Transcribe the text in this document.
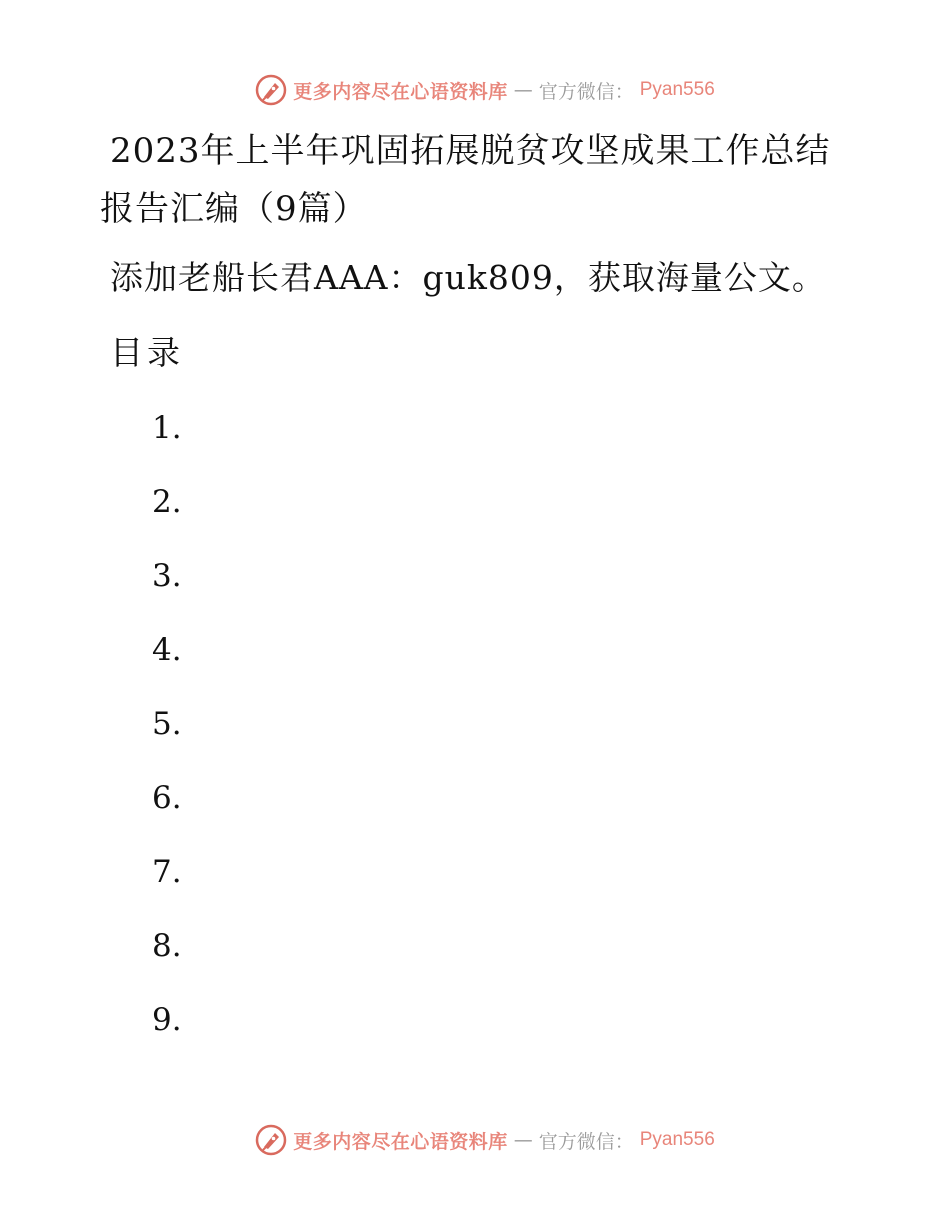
更多内容尽在心语资料库 — 官方微信： Pyan556
2023年上半年巩固拓展脱贫攻坚成果工作总结报告汇编（9篇）

添加老船长君AAA：guk809，获取海量公文。

目录
1.
2.
3.
4.
5.
6.
7.
8.
9.
更多内容尽在心语资料库 — 官方微信： Pyan556
